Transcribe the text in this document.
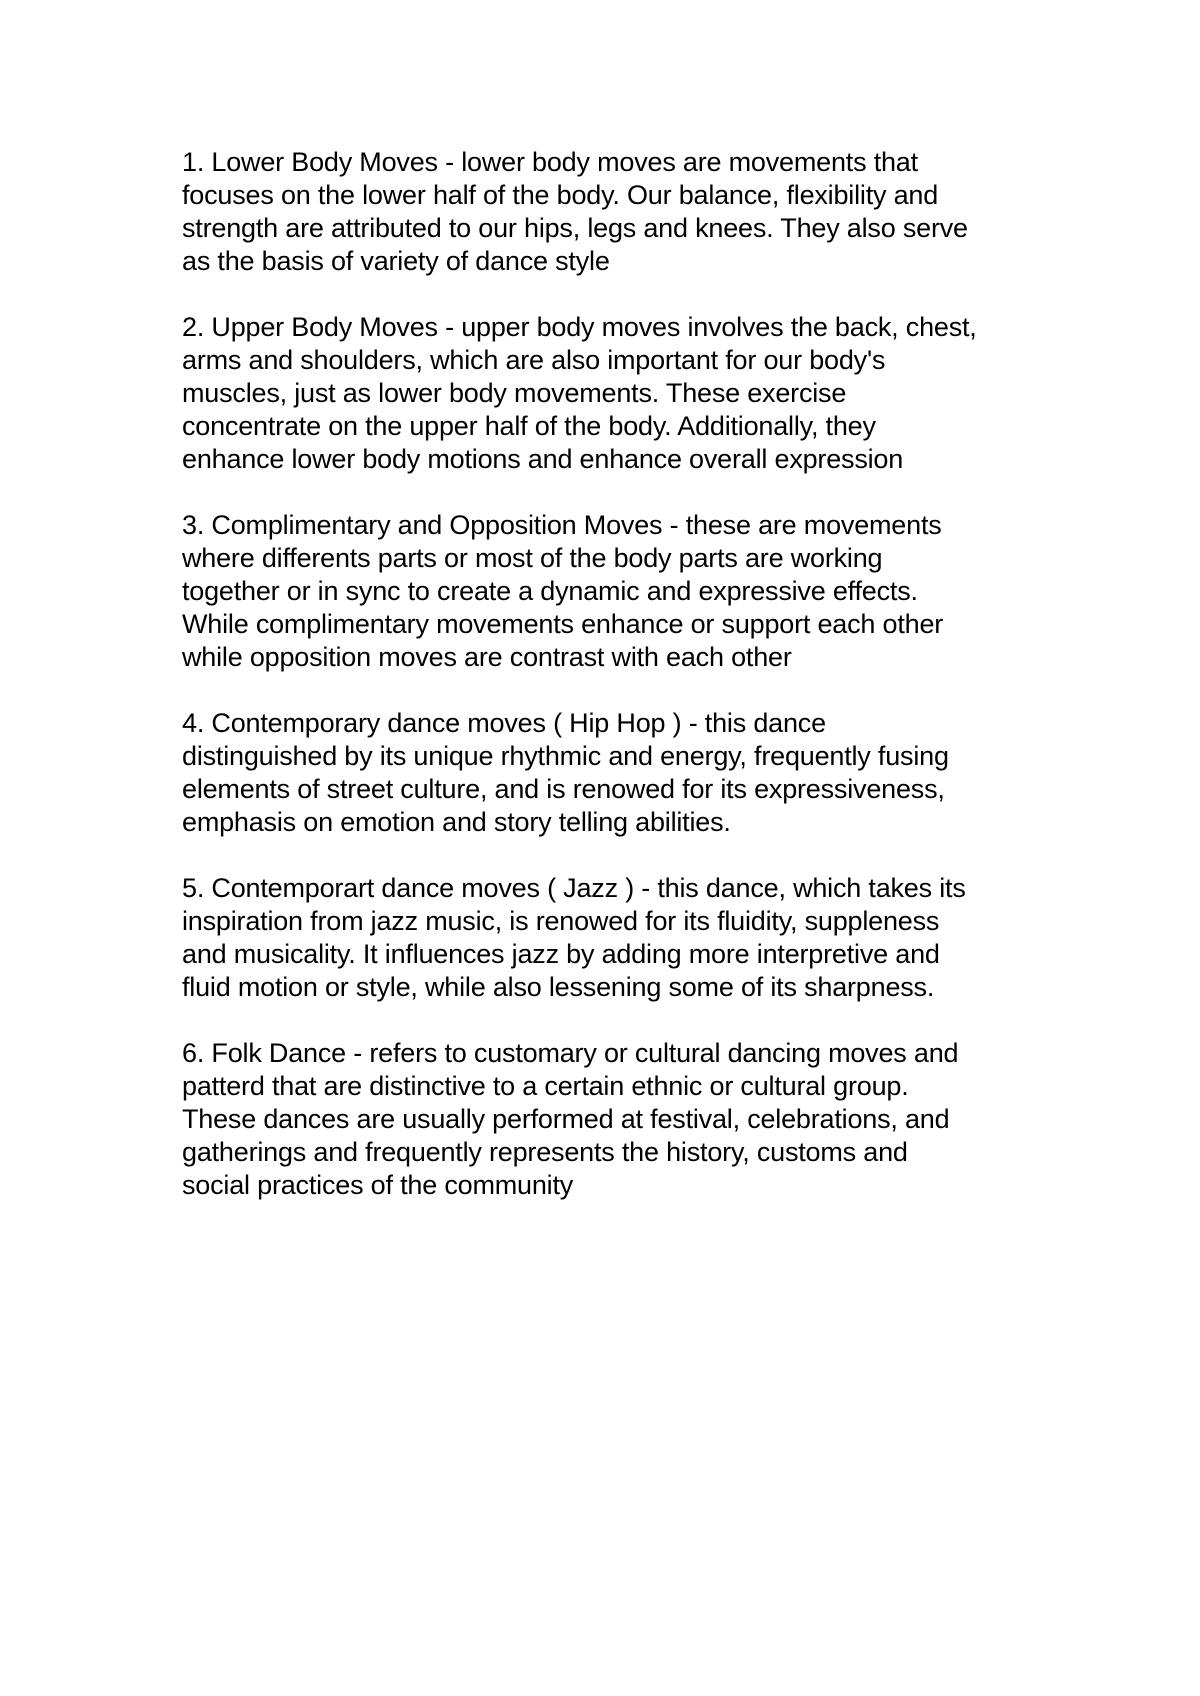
1. Lower Body Moves - lower body moves are movements that
focuses on the lower half of the body. Our balance, flexibility and
strength are attributed to our hips, legs and knees. They also serve
as the basis of variety of dance style

2. Upper Body Moves - upper body moves involves the back, chest,
arms and shoulders, which are also important for our body's
muscles, just as lower body movements. These exercise
concentrate on the upper half of the body. Additionally, they
enhance lower body motions and enhance overall expression

3. Complimentary and Opposition Moves - these are movements
where differents parts or most of the body parts are working
together or in sync to create a dynamic and expressive effects.
While complimentary movements enhance or support each other
while opposition moves are contrast with each other

4. Contemporary dance moves ( Hip Hop ) - this dance
distinguished by its unique rhythmic and energy, frequently fusing
elements of street culture, and is renowed for its expressiveness,
emphasis on emotion and story telling abilities.

5. Contemporart dance moves ( Jazz ) - this dance, which takes its
inspiration from jazz music, is renowed for its fluidity, suppleness
and musicality. It influences jazz by adding more interpretive and
fluid motion or style, while also lessening some of its sharpness.

6. Folk Dance - refers to customary or cultural dancing moves and
patterd that are distinctive to a certain ethnic or cultural group.
These dances are usually performed at festival, celebrations, and
gatherings and frequently represents the history, customs and
social practices of the community
